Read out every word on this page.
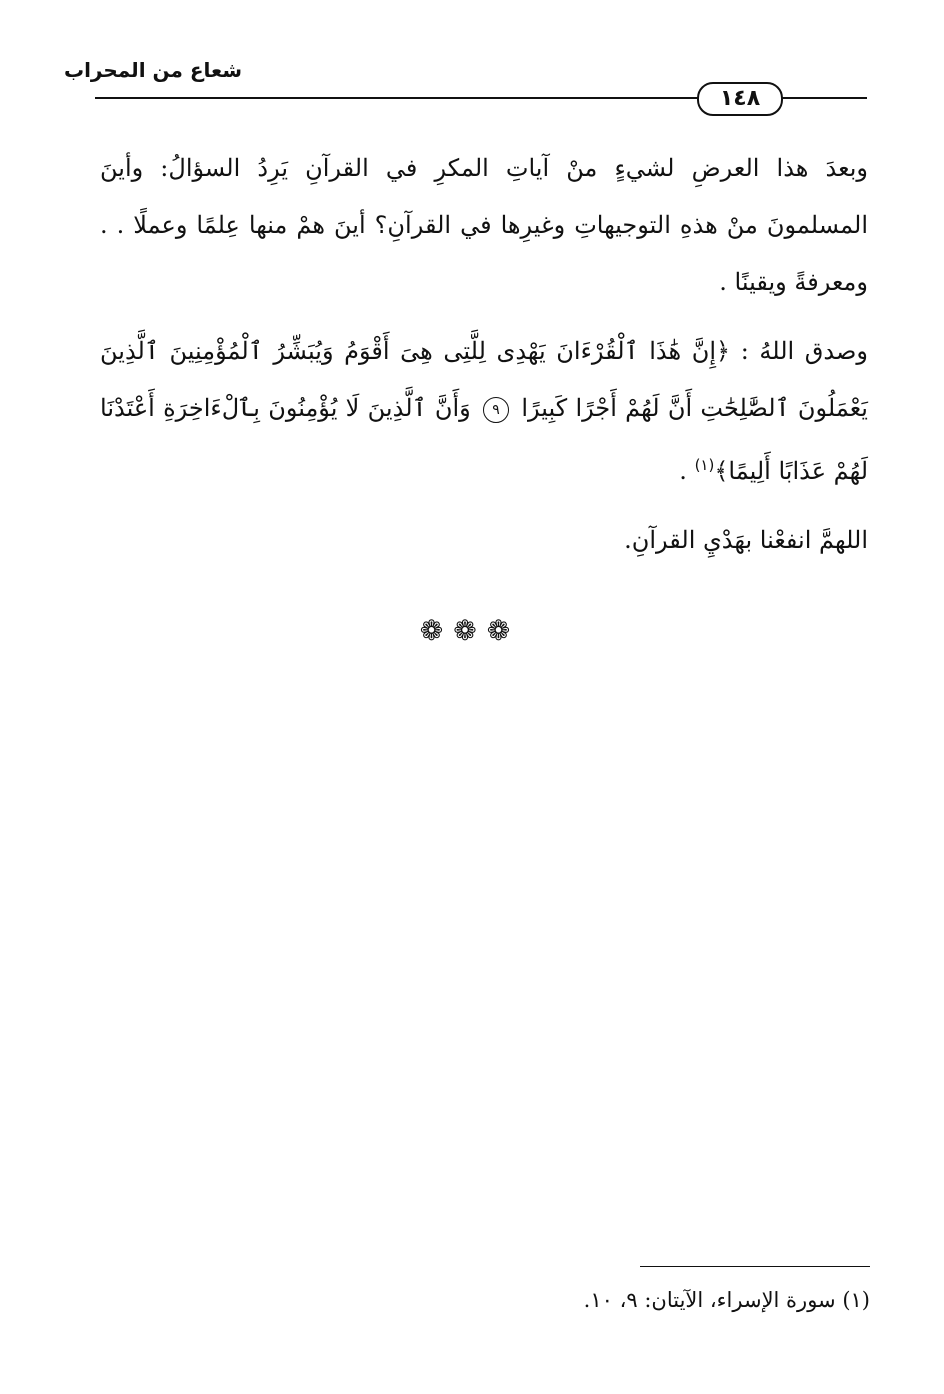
شعاع من المحراب
١٤٨

وبعدَ هذا العرضِ لشيءٍ منْ آياتِ المكرِ في القرآنِ يَرِدُ السؤالُ: وأينَ المسلمونَ منْ هذهِ التوجيهاتِ وغيرِها في القرآنِ؟ أينَ همْ منها عِلمًا وعملًا . . ومعرفةً ويقينًا .

وصدق اللهُ : ﴿إِنَّ هَٰذَا ٱلْقُرْءَانَ يَهْدِى لِلَّتِى هِىَ أَقْوَمُ وَيُبَشِّرُ ٱلْمُؤْمِنِينَ ٱلَّذِينَ يَعْمَلُونَ ٱلصَّٰلِحَٰتِ أَنَّ لَهُمْ أَجْرًا كَبِيرًا ٩ وَأَنَّ ٱلَّذِينَ لَا يُؤْمِنُونَ بِٱلْءَاخِرَةِ أَعْتَدْنَا لَهُمْ عَذَابًا أَلِيمًا﴾$^{(١)}$ .

اللهمَّ انفعْنا بهَدْيِ القرآنِ.

❁❁❁
(١) سورة الإسراء، الآيتان: ٩، ١٠.
